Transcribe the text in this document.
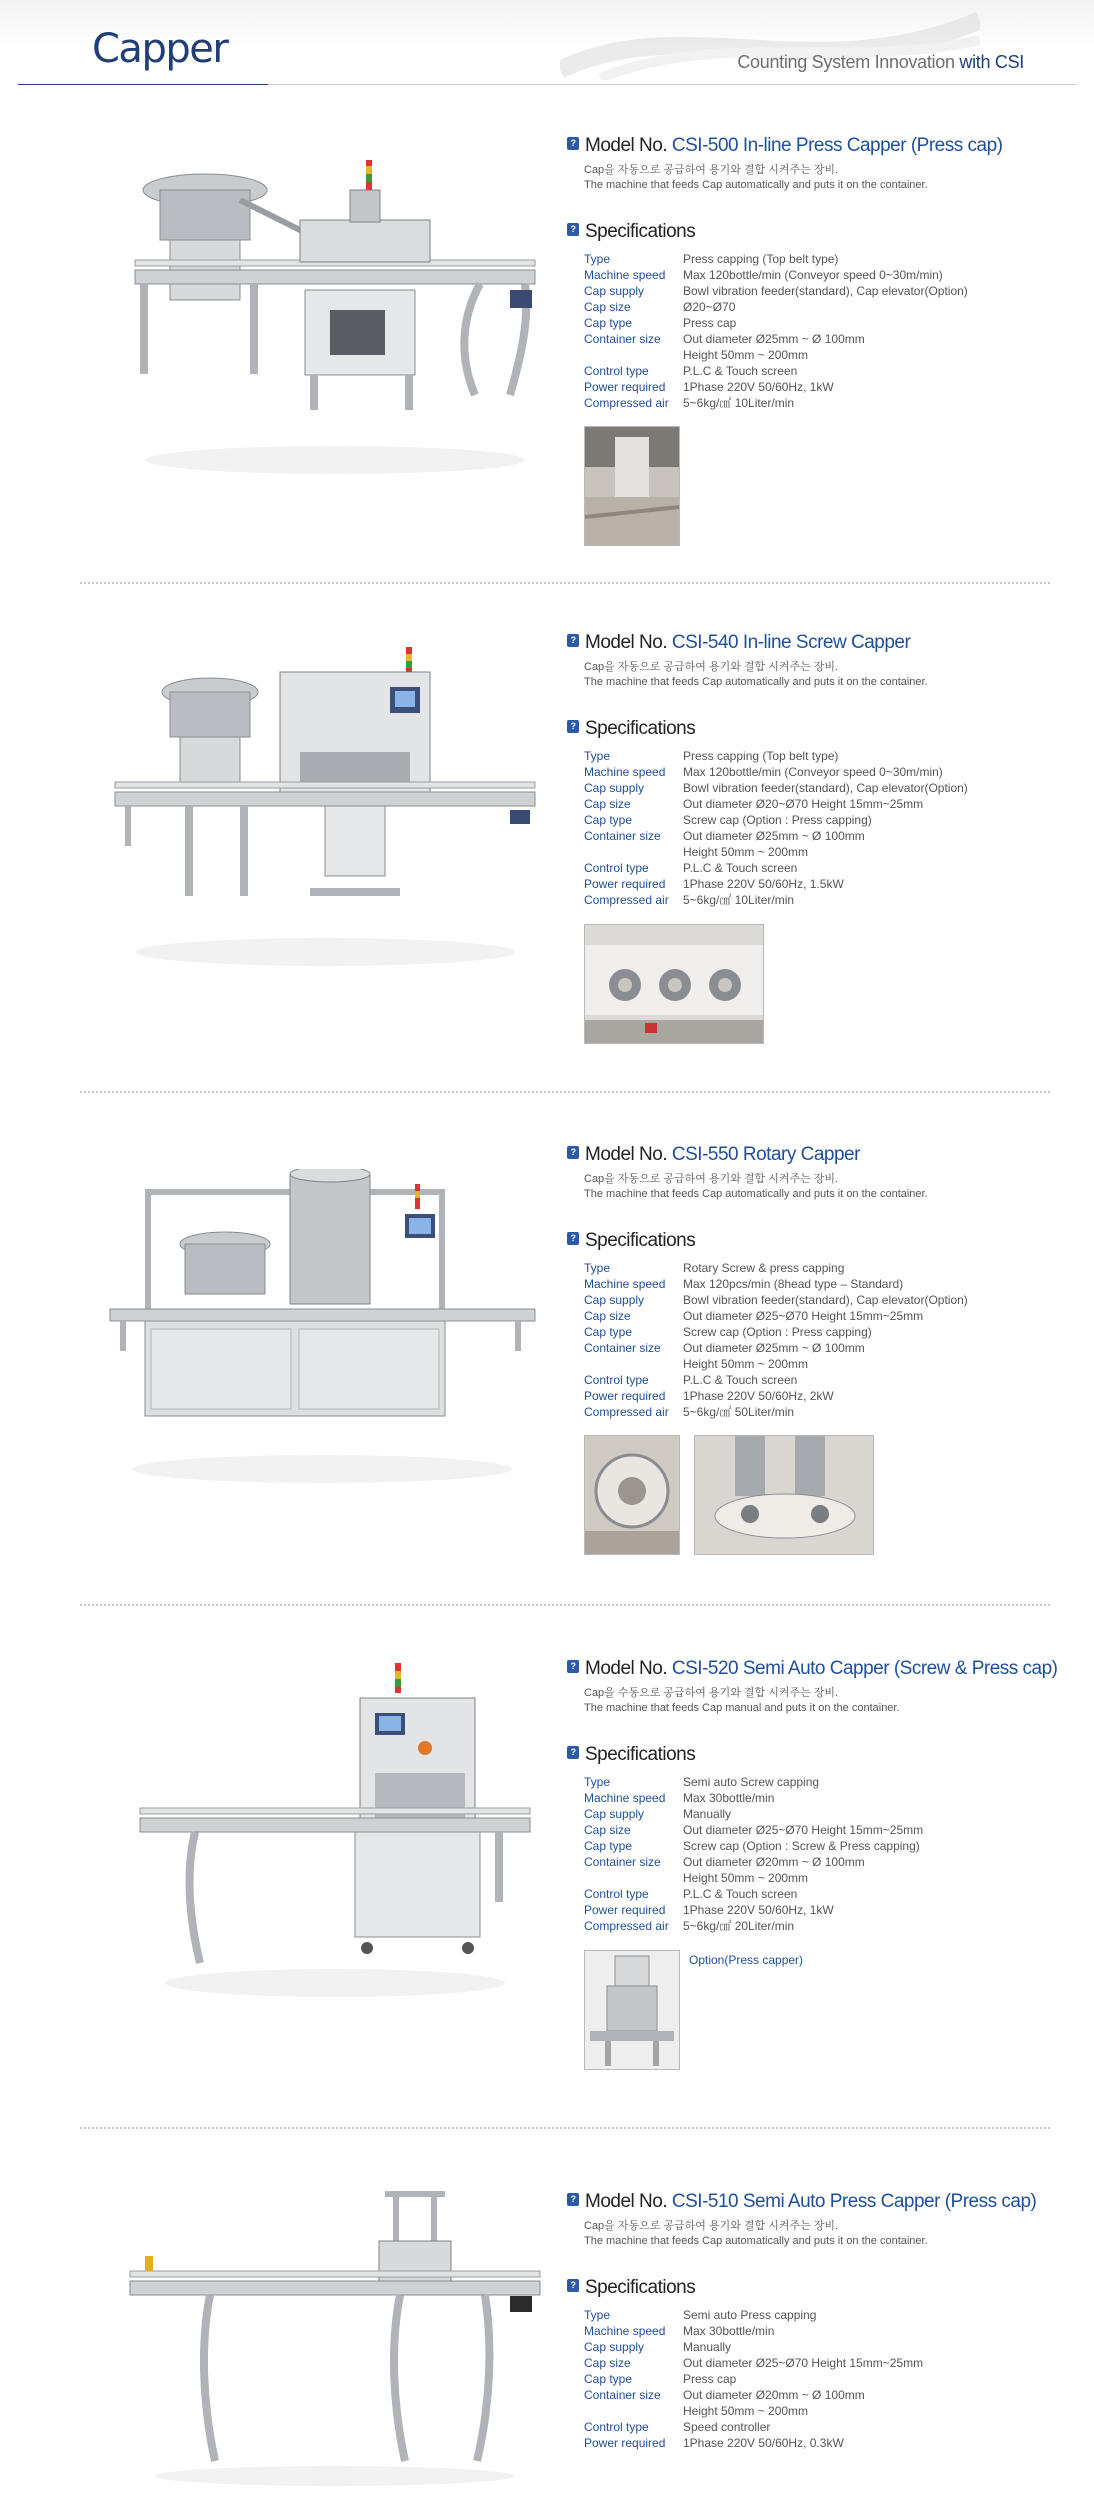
Capper	Counting System Innovation with CSI
? Model No. CSI-500 In-line Press Capper (Press cap)
Cap을 자동으로 공급하여 용기와 결합 시켜주는 장비.
The machine that feeds Cap automatically and puts it on the container.
? Specifications
Type	Press capping (Top belt type)
Machine speed	Max 120bottle/min (Conveyor speed 0~30m/min)
Cap supply	Bowl vibration feeder(standard), Cap elevator(Option)
Cap size	Ø20~Ø70
Cap type	Press cap
Container size	Out diameter Ø25mm ~ Ø 100mm
Height 50mm ~ 200mm
Control type	P.L.C & Touch screen
Power required	1Phase 220V 50/60Hz, 1kW
Compressed air	5~6kg/㎠ 10Liter/min
? Model No. CSI-540 In-line Screw Capper
Cap을 자동으로 공급하여 용기와 결합 시켜주는 장비.
The machine that feeds Cap automatically and puts it on the container.
? Specifications
Type	Press capping (Top belt type)
Machine speed	Max 120bottle/min (Conveyor speed 0~30m/min)
Cap supply	Bowl vibration feeder(standard), Cap elevator(Option)
Cap size	Out diameter Ø20~Ø70 Height 15mm~25mm
Cap type	Screw cap (Option : Press capping)
Container size	Out diameter Ø25mm ~ Ø 100mm
Height 50mm ~ 200mm
Control type	P.L.C & Touch screen
Power required	1Phase 220V 50/60Hz, 1.5kW
Compressed air	5~6kg/㎠ 10Liter/min
? Model No. CSI-550 Rotary Capper
Cap을 자동으로 공급하여 용기와 결합 시켜주는 장비.
The machine that feeds Cap automatically and puts it on the container.
? Specifications
Type	Rotary Screw & press capping
Machine speed	Max 120pcs/min (8head type – Standard)
Cap supply	Bowl vibration feeder(standard), Cap elevator(Option)
Cap size	Out diameter Ø25~Ø70 Height 15mm~25mm
Cap type	Screw cap (Option : Press capping)
Container size	Out diameter Ø25mm ~ Ø 100mm
Height 50mm ~ 200mm
Control type	P.L.C & Touch screen
Power required	1Phase 220V 50/60Hz, 2kW
Compressed air	5~6kg/㎠ 50Liter/min
? Model No. CSI-520 Semi Auto Capper (Screw & Press cap)
Cap을 수동으로 공급하여 용기와 결합 시켜주는 장비.
The machine that feeds Cap manual and puts it on the container.
? Specifications
Type	Semi auto Screw capping
Machine speed	Max 30bottle/min
Cap supply	Manually
Cap size	Out diameter Ø25~Ø70 Height 15mm~25mm
Cap type	Screw cap (Option : Screw & Press capping)
Container size	Out diameter Ø20mm ~ Ø 100mm
Height 50mm ~ 200mm
Control type	P.L.C & Touch screen
Power required	1Phase 220V 50/60Hz, 1kW
Compressed air	5~6kg/㎠ 20Liter/min
Option(Press capper)
? Model No. CSI-510 Semi Auto Press Capper (Press cap)
Cap을 자동으로 공급하여 용기와 결합 시켜주는 장비.
The machine that feeds Cap automatically and puts it on the container.
? Specifications
Type	Semi auto Press capping
Machine speed	Max 30bottle/min
Cap supply	Manually
Cap size	Out diameter Ø25~Ø70 Height 15mm~25mm
Cap type	Press cap
Container size	Out diameter Ø20mm ~ Ø 100mm
Height 50mm ~ 200mm
Control type	Speed controller
Power required	1Phase 220V 50/60Hz, 0.3kW
